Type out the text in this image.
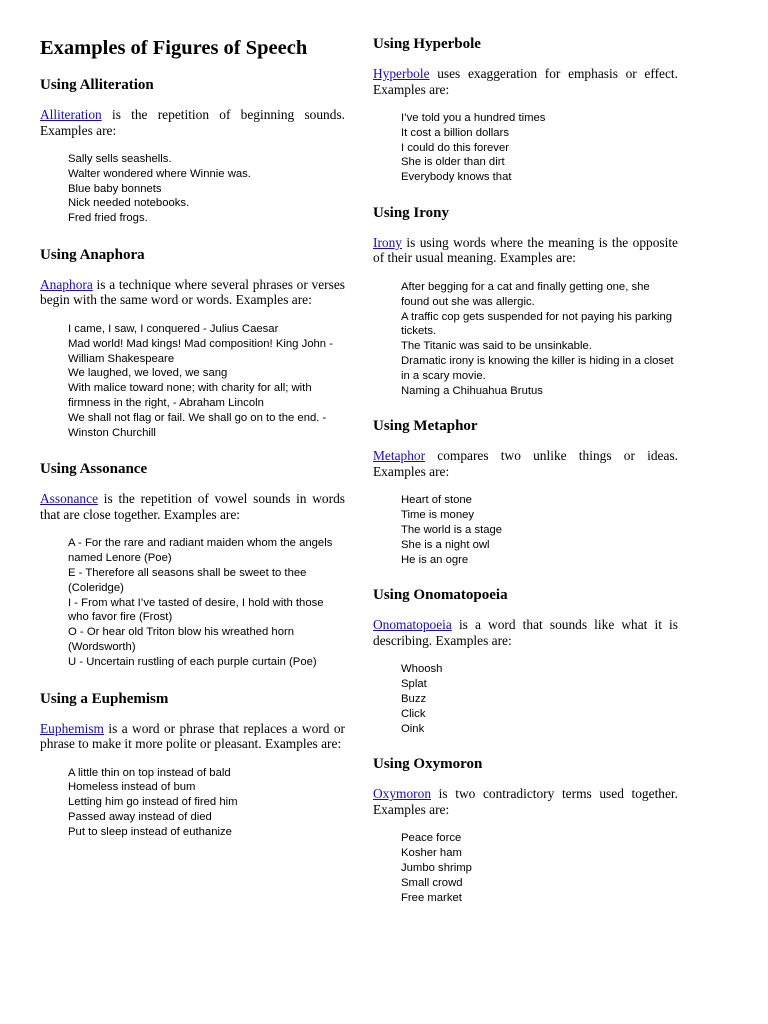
Examples of Figures of Speech
Using Alliteration

Alliteration is the repetition of beginning sounds. Examples are:

Sally sells seashells.
Walter wondered where Winnie was.
Blue baby bonnets
Nick needed notebooks.
Fred fried frogs.
Using Anaphora

Anaphora is a technique where several phrases or verses begin with the same word or words. Examples are:

I came, I saw, I conquered - Julius Caesar
Mad world! Mad kings! Mad composition! King John - William Shakespeare
We laughed, we loved, we sang
With malice toward none; with charity for all; with firmness in the right, - Abraham Lincoln
We shall not flag or fail. We shall go on to the end. - Winston Churchill
Using Assonance

Assonance is the repetition of vowel sounds in words that are close together. Examples are:

A - For the rare and radiant maiden whom the angels named Lenore (Poe)
E - Therefore all seasons shall be sweet to thee (Coleridge)
I - From what I’ve tasted of desire, I hold with those who favor fire (Frost)
O - Or hear old Triton blow his wreathed horn (Wordsworth)
U - Uncertain rustling of each purple curtain (Poe)
Using a Euphemism

Euphemism is a word or phrase that replaces a word or phrase to make it more polite or pleasant. Examples are:

A little thin on top instead of bald
Homeless instead of bum
Letting him go instead of fired him
Passed away instead of died
Put to sleep instead of euthanize
Using Hyperbole

Hyperbole uses exaggeration for emphasis or effect. Examples are:

I’ve told you a hundred times
It cost a billion dollars
I could do this forever
She is older than dirt
Everybody knows that
Using Irony

Irony is using words where the meaning is the opposite of their usual meaning. Examples are:

After begging for a cat and finally getting one, she found out she was allergic.
A traffic cop gets suspended for not paying his parking tickets.
The Titanic was said to be unsinkable.
Dramatic irony is knowing the killer is hiding in a closet in a scary movie.
Naming a Chihuahua Brutus
Using Metaphor

Metaphor compares two unlike things or ideas. Examples are:

Heart of stone
Time is money
The world is a stage
She is a night owl
He is an ogre
Using Onomatopoeia

Onomatopoeia is a word that sounds like what it is describing. Examples are:

Whoosh
Splat
Buzz
Click
Oink
Using Oxymoron

Oxymoron is two contradictory terms used together. Examples are:

Peace force
Kosher ham
Jumbo shrimp
Small crowd
Free market
